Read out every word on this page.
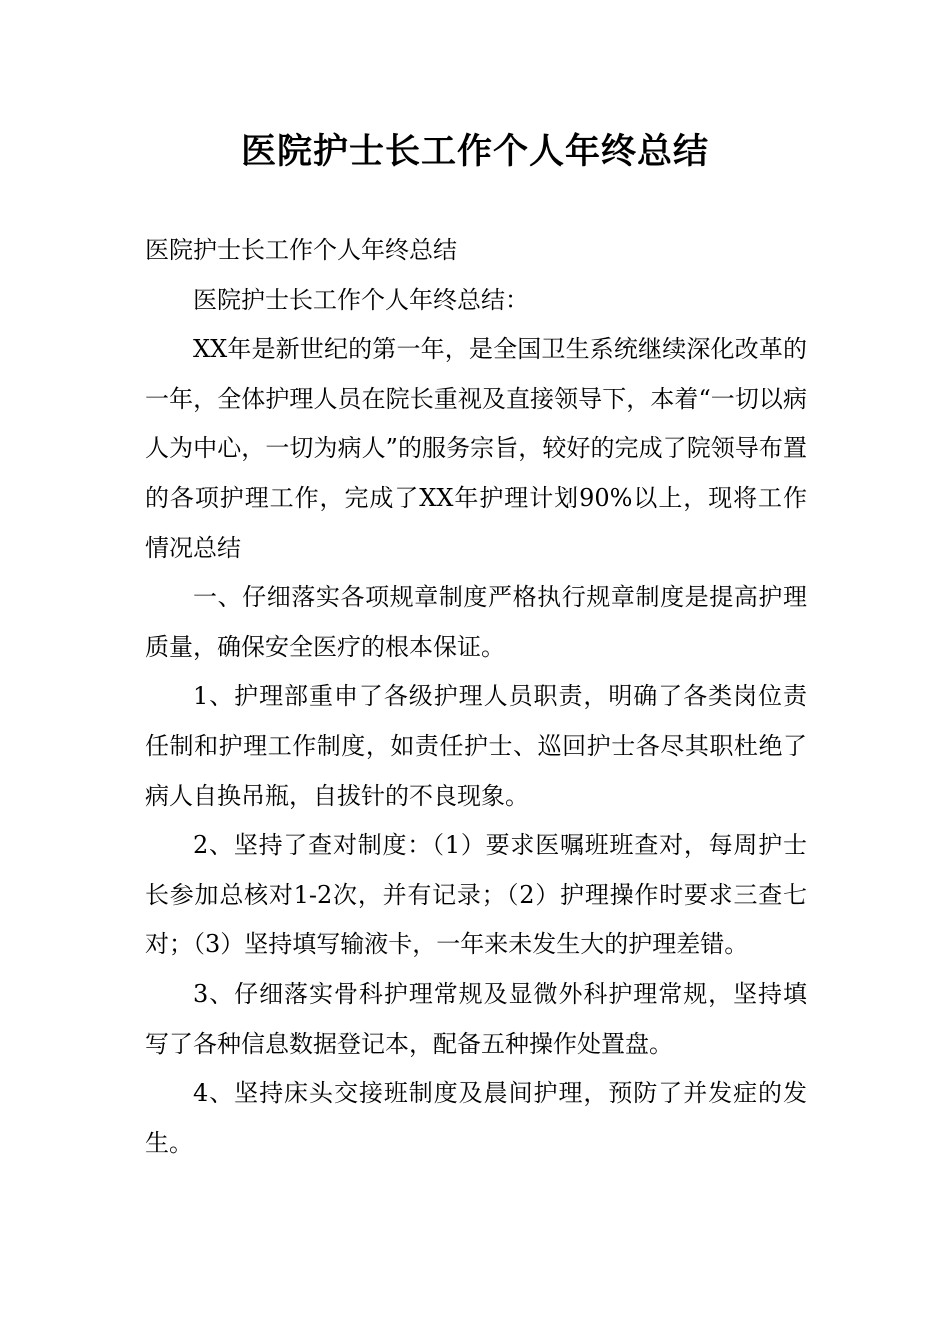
医院护士长工作个人年终总结

医院护士长工作个人年终总结

医院护士长工作个人年终总结：

XX年是新世纪的第一年，是全国卫生系统继续深化改革的一年，全体护理人员在院长重视及直接领导下，本着“一切以病人为中心，一切为病人”的服务宗旨，较好的完成了院领导布置的各项护理工作，完成了XX年护理计划90%以上，现将工作情况总结

一、仔细落实各项规章制度严格执行规章制度是提高护理质量，确保安全医疗的根本保证。

1、护理部重申了各级护理人员职责，明确了各类岗位责任制和护理工作制度，如责任护士、巡回护士各尽其职杜绝了病人自换吊瓶，自拔针的不良现象。

2、坚持了查对制度：（1）要求医嘱班班查对，每周护士长参加总核对1-2次，并有记录；（2）护理操作时要求三查七对；（3）坚持填写输液卡，一年来未发生大的护理差错。

3、仔细落实骨科护理常规及显微外科护理常规，坚持填写了各种信息数据登记本，配备五种操作处置盘。

4、坚持床头交接班制度及晨间护理，预防了并发症的发生。
